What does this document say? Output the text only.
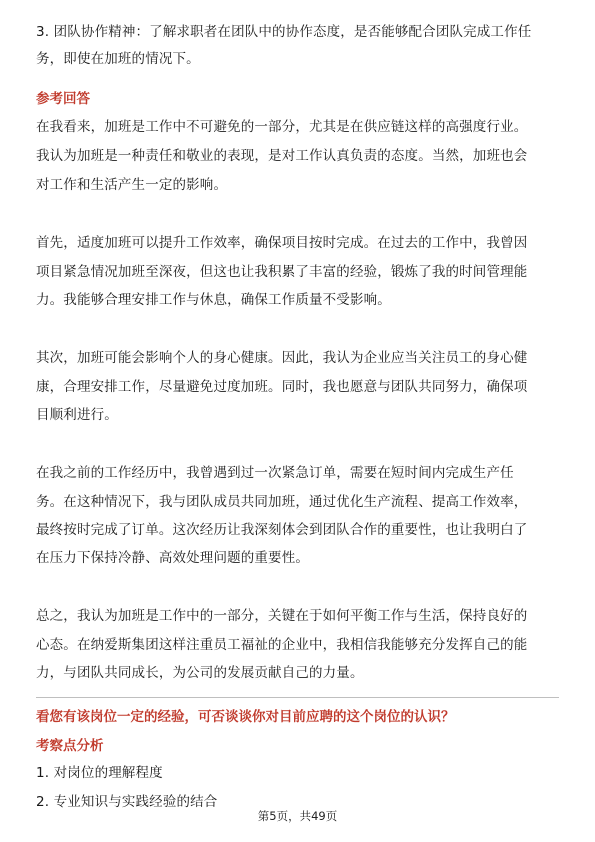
3. 团队协作精神：了解求职者在团队中的协作态度，是否能够配合团队完成工作任
务，即使在加班的情况下。
参考回答
在我看来，加班是工作中不可避免的一部分，尤其是在供应链这样的高强度行业。
我认为加班是一种责任和敬业的表现，是对工作认真负责的态度。当然，加班也会
对工作和生活产生一定的影响。
首先，适度加班可以提升工作效率，确保项目按时完成。在过去的工作中，我曾因
项目紧急情况加班至深夜，但这也让我积累了丰富的经验，锻炼了我的时间管理能
力。我能够合理安排工作与休息，确保工作质量不受影响。
其次，加班可能会影响个人的身心健康。因此，我认为企业应当关注员工的身心健
康，合理安排工作，尽量避免过度加班。同时，我也愿意与团队共同努力，确保项
目顺利进行。
在我之前的工作经历中，我曾遇到过一次紧急订单，需要在短时间内完成生产任
务。在这种情况下，我与团队成员共同加班，通过优化生产流程、提高工作效率，
最终按时完成了订单。这次经历让我深刻体会到团队合作的重要性，也让我明白了
在压力下保持冷静、高效处理问题的重要性。
总之，我认为加班是工作中的一部分，关键在于如何平衡工作与生活，保持良好的
心态。在纳爱斯集团这样注重员工福祉的企业中，我相信我能够充分发挥自己的能
力，与团队共同成长，为公司的发展贡献自己的力量。
看您有该岗位一定的经验，可否谈谈你对目前应聘的这个岗位的认识？
考察点分析
1. 对岗位的理解程度
2. 专业知识与实践经验的结合
第5页，共49页
